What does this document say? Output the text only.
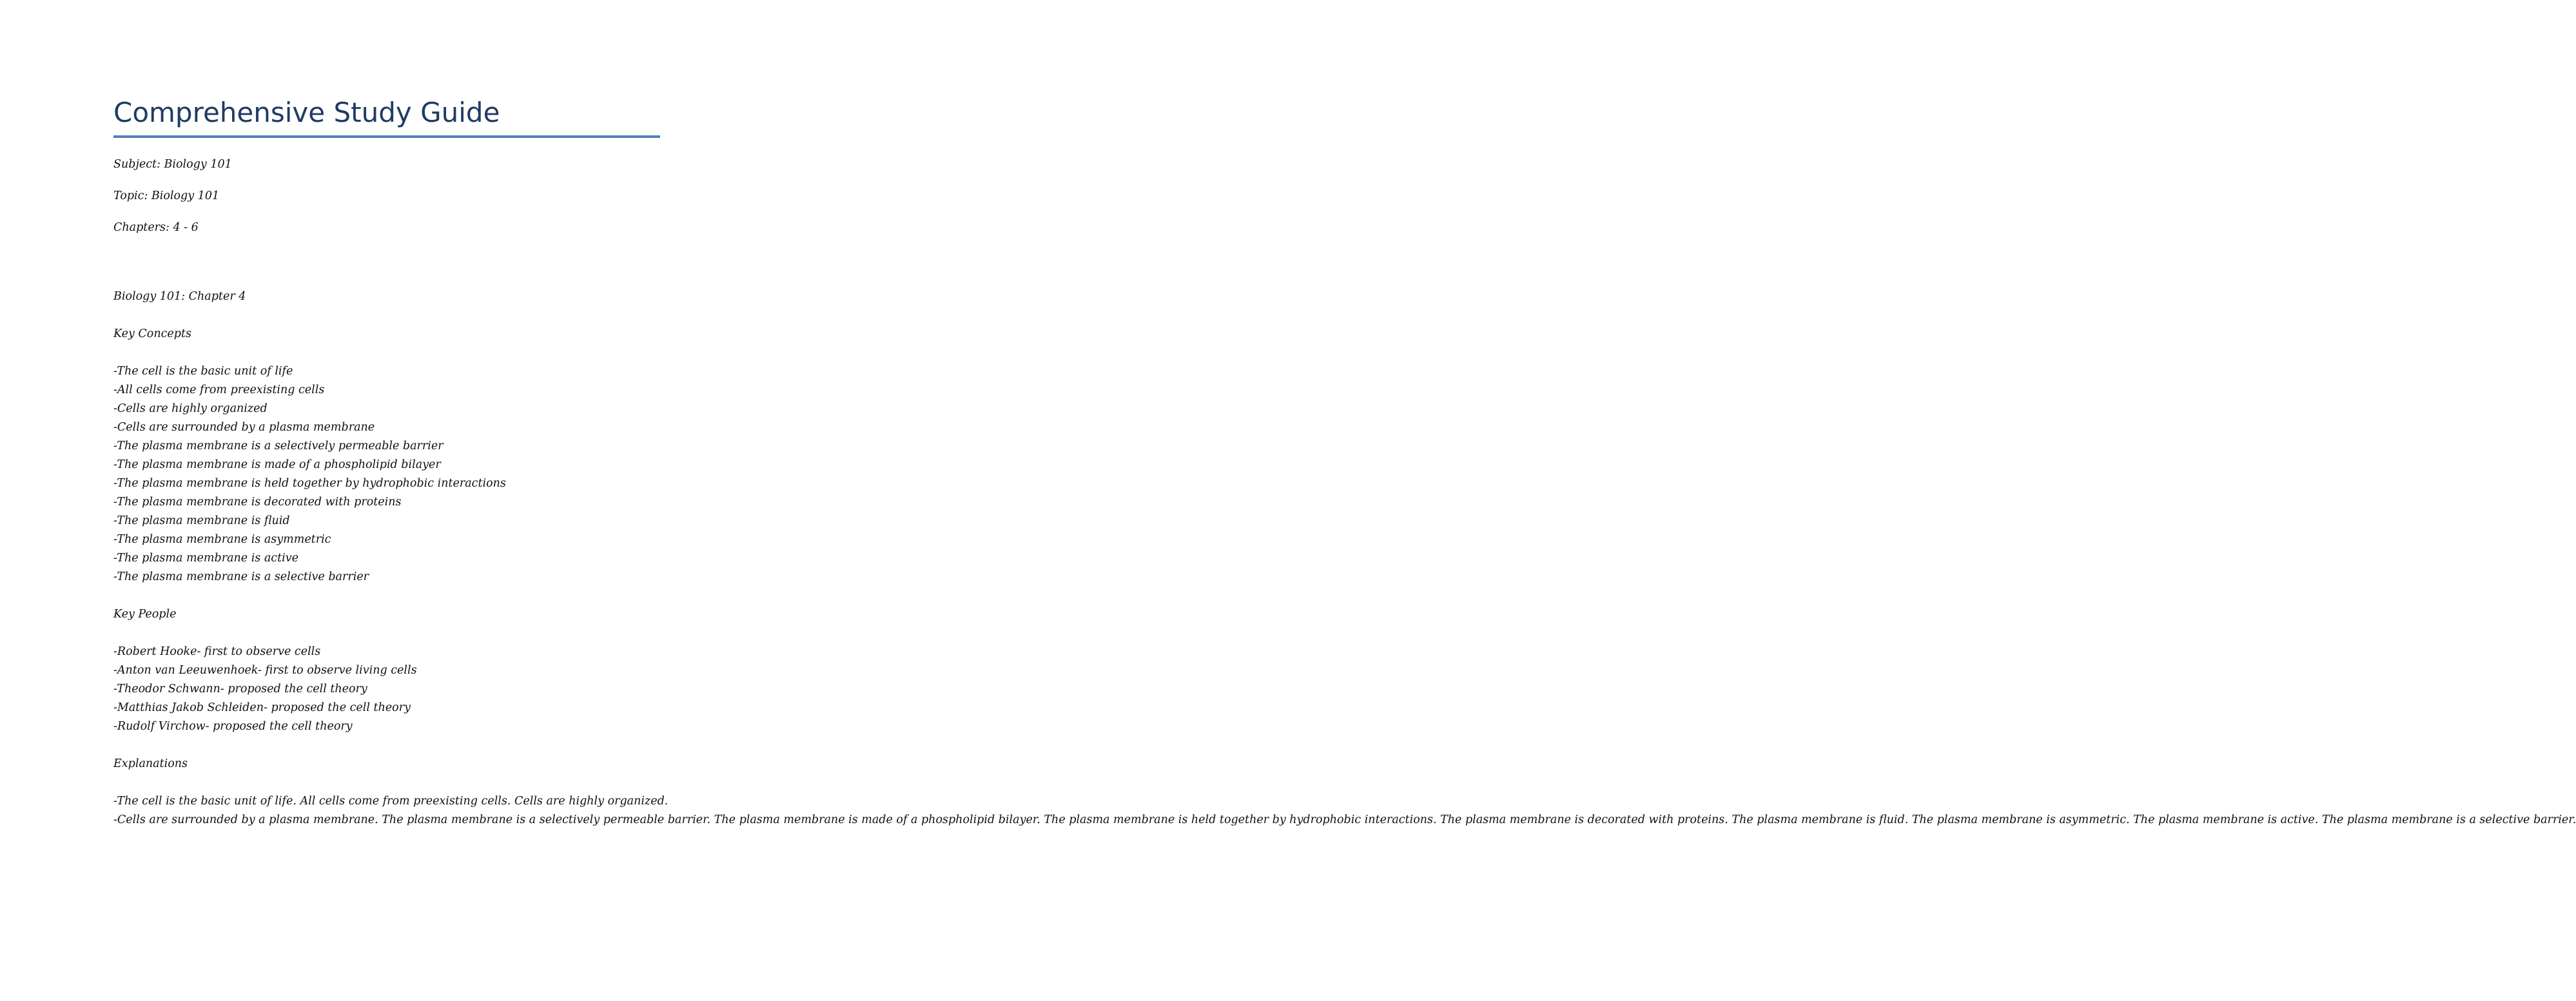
Comprehensive Study Guide

Subject: Biology 101

Topic: Biology 101

Chapters: 4 - 6

Biology 101: Chapter 4

Key Concepts

-The cell is the basic unit of life
-All cells come from preexisting cells
-Cells are highly organized
-Cells are surrounded by a plasma membrane
-The plasma membrane is a selectively permeable barrier
-The plasma membrane is made of a phospholipid bilayer
-The plasma membrane is held together by hydrophobic interactions
-The plasma membrane is decorated with proteins
-The plasma membrane is fluid
-The plasma membrane is asymmetric
-The plasma membrane is active
-The plasma membrane is a selective barrier

Key People

-Robert Hooke- first to observe cells
-Anton van Leeuwenhoek- first to observe living cells
-Theodor Schwann- proposed the cell theory
-Matthias Jakob Schleiden- proposed the cell theory
-Rudolf Virchow- proposed the cell theory

Explanations

-The cell is the basic unit of life. All cells come from preexisting cells. Cells are highly organized.

-Cells are surrounded by a plasma membrane. The plasma membrane is a selectively permeable barrier. The plasma membrane is made of a phospholipid bilayer. The plasma membrane is held together by hydrophobic interactions. The plasma membrane is decorated with proteins. The plasma membrane is fluid. The plasma membrane is asymmetric. The plasma membrane is active. The plasma membrane is a selective barrier.
